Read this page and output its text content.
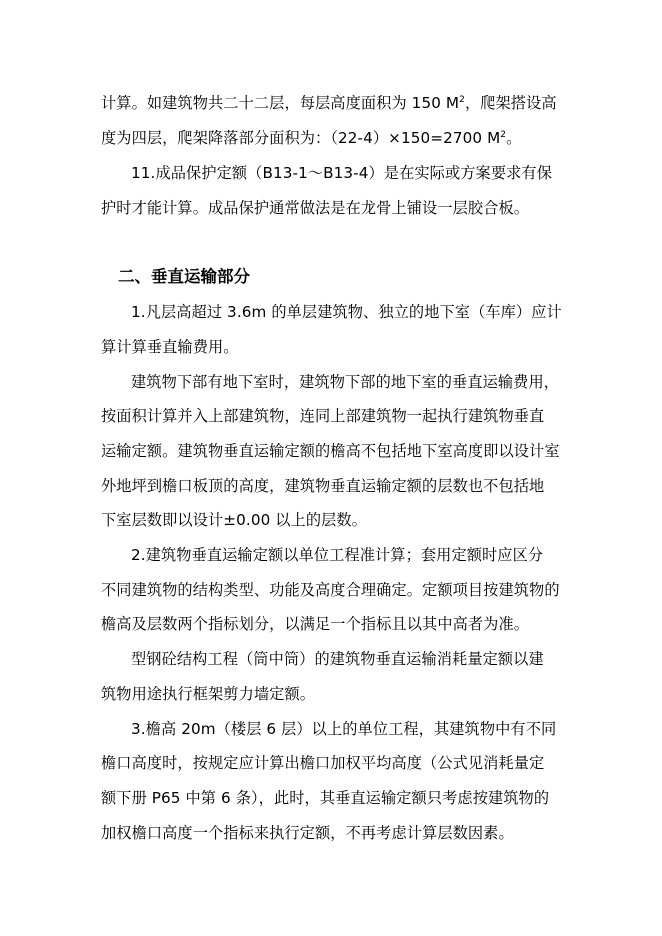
计算。如建筑物共二十二层，每层高度面积为 150 $M^2$，爬架搭设高
度为四层，爬架降落部分面积为：（22-4）×150=2700 $M^2$。
11.成品保护定额（B13-1～B13-4）是在实际或方案要求有保
护时才能计算。成品保护通常做法是在龙骨上铺设一层胶合板。
二、垂直运输部分
1.凡层高超过 3.6m 的单层建筑物、独立的地下室（车库）应计
算计算垂直输费用。
建筑物下部有地下室时，建筑物下部的地下室的垂直运输费用，
按面积计算并入上部建筑物，连同上部建筑物一起执行建筑物垂直
运输定额。建筑物垂直运输定额的檐高不包括地下室高度即以设计室
外地坪到檐口板顶的高度，建筑物垂直运输定额的层数也不包括地
下室层数即以设计±0.00 以上的层数。
2.建筑物垂直运输定额以单位工程准计算；套用定额时应区分
不同建筑物的结构类型、功能及高度合理确定。定额项目按建筑物的
檐高及层数两个指标划分，以满足一个指标且以其中高者为准。
型钢砼结构工程（筒中筒）的建筑物垂直运输消耗量定额以建
筑物用途执行框架剪力墙定额。
3.檐高 20m（楼层 6 层）以上的单位工程，其建筑物中有不同
檐口高度时，按规定应计算出檐口加权平均高度（公式见消耗量定
额下册 P65 中第 6 条），此时，其垂直运输定额只考虑按建筑物的
加权檐口高度一个指标来执行定额，不再考虑计算层数因素。
